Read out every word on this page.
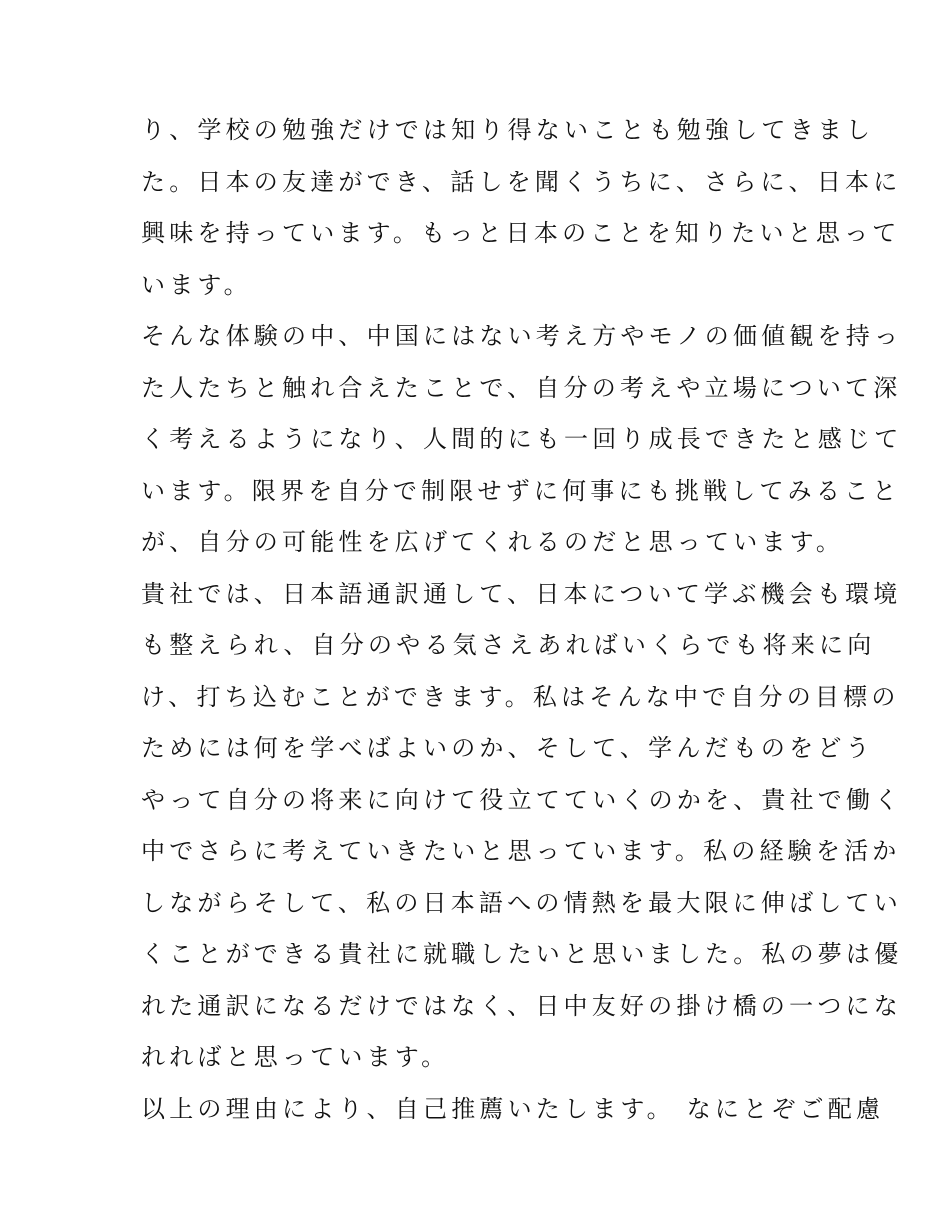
り、学校の勉強だけでは知り得ないことも勉強してきまし
た。日本の友達ができ、話しを聞くうちに、さらに、日本に
興味を持っています。もっと日本のことを知りたいと思って
います。
そんな体験の中、中国にはない考え方やモノの価値観を持っ
た人たちと触れ合えたことで、自分の考えや立場について深
く考えるようになり、人間的にも一回り成長できたと感じて
います。限界を自分で制限せずに何事にも挑戦してみること
が、自分の可能性を広げてくれるのだと思っています。
貴社では、日本語通訳通して、日本について学ぶ機会も環境
も整えられ、自分のやる気さえあればいくらでも将来に向
け、打ち込むことができます。私はそんな中で自分の目標の
ためには何を学べばよいのか、そして、学んだものをどう
やって自分の将来に向けて役立てていくのかを、貴社で働く
中でさらに考えていきたいと思っています。私の経験を活か
しながらそして、私の日本語への情熱を最大限に伸ばしてい
くことができる貴社に就職したいと思いました。私の夢は優
れた通訳になるだけではなく、日中友好の掛け橋の一つにな
れればと思っています。
以上の理由により、自己推薦いたします。 なにとぞご配慮
